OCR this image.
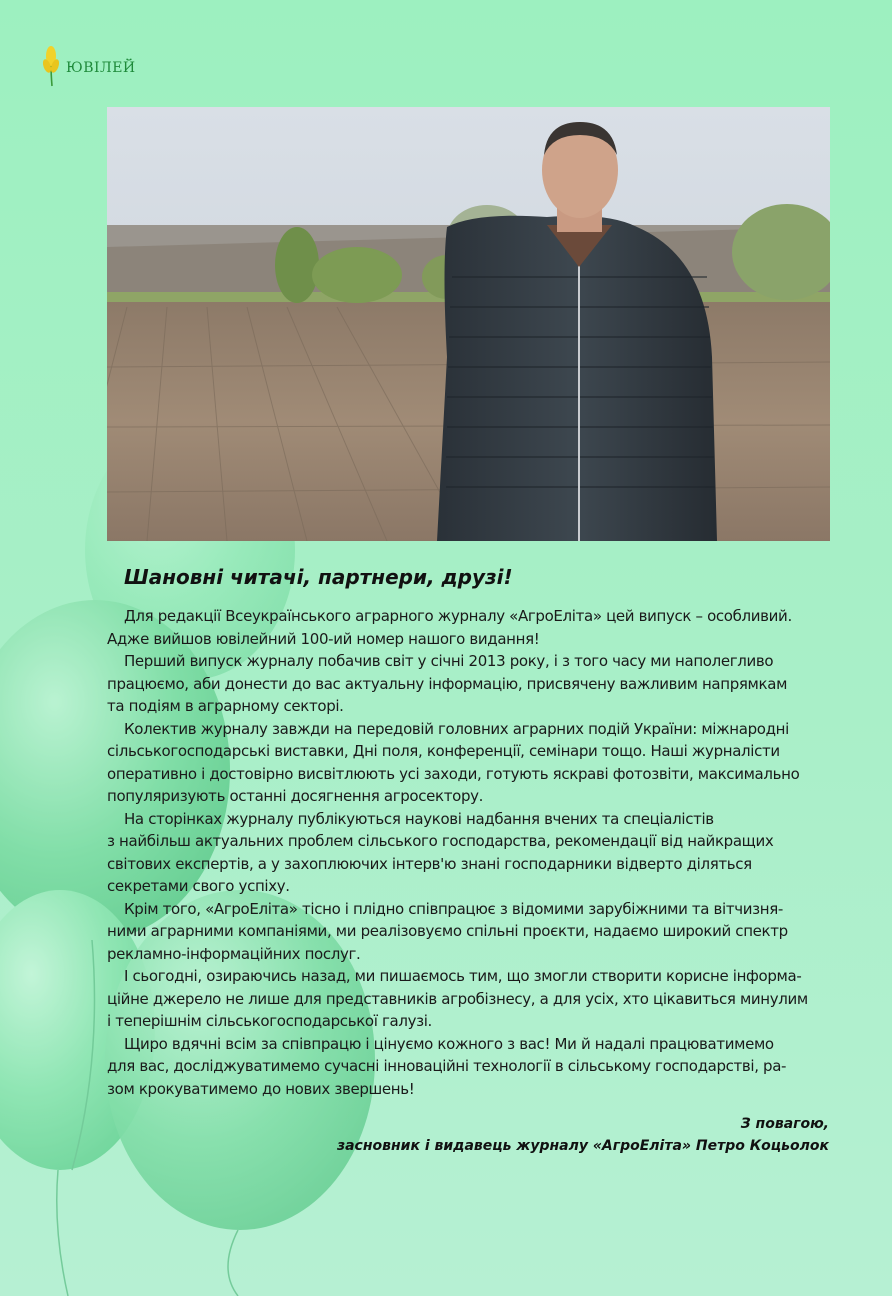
ЮВІЛЕЙ
Шановні читачі, партнери, друзі!

Для редакції Всеукраїнського аграрного журналу «АгроЕліта» цей випуск – особливий.
Адже вийшов ювілейний 100-ий номер нашого видання!

Перший випуск журналу побачив світ у січні 2013 року, і з того часу ми наполегливо
працюємо, аби донести до вас актуальну інформацію, присвячену важливим напрямкам
та подіям в аграрному секторі.

Колектив журналу завжди на передовій головних аграрних подій України: міжнародні
сільськогосподарські виставки, Дні поля, конференції, семінари тощо. Наші журналісти
оперативно і достовірно висвітлюють усі заходи, готують яскраві фотозвіти, максимально
популяризують останні досягнення агросектору.

На сторінках журналу публікуються наукові надбання вчених та спеціалістів
з найбільш актуальних проблем сільського господарства, рекомендації від найкращих
світових експертів, а у захоплюючих інтерв'ю знані господарники відверто діляться
секретами свого успіху.

Крім того, «АгроЕліта» тісно і плідно співпрацює з відомими зарубіжними та вітчизня-
ними аграрними компаніями, ми реалізовуємо спільні проєкти, надаємо широкий спектр
рекламно-інформаційних послуг.

І сьогодні, озираючись назад, ми пишаємось тим, що змогли створити корисне інформа-
ційне джерело не лише для представників агробізнесу, а для усіх, хто цікавиться минулим
і теперішнім сільськогосподарської галузі.

Щиро вдячні всім за співпрацю і цінуємо кожного з вас! Ми й надалі працюватимемо
для вас, досліджуватимемо сучасні інноваційні технології в сільському господарстві, ра-
зом крокуватимемо до нових звершень!

З повагою,
засновник і видавець журналу «АгроЕліта» Петро Коцьолок
